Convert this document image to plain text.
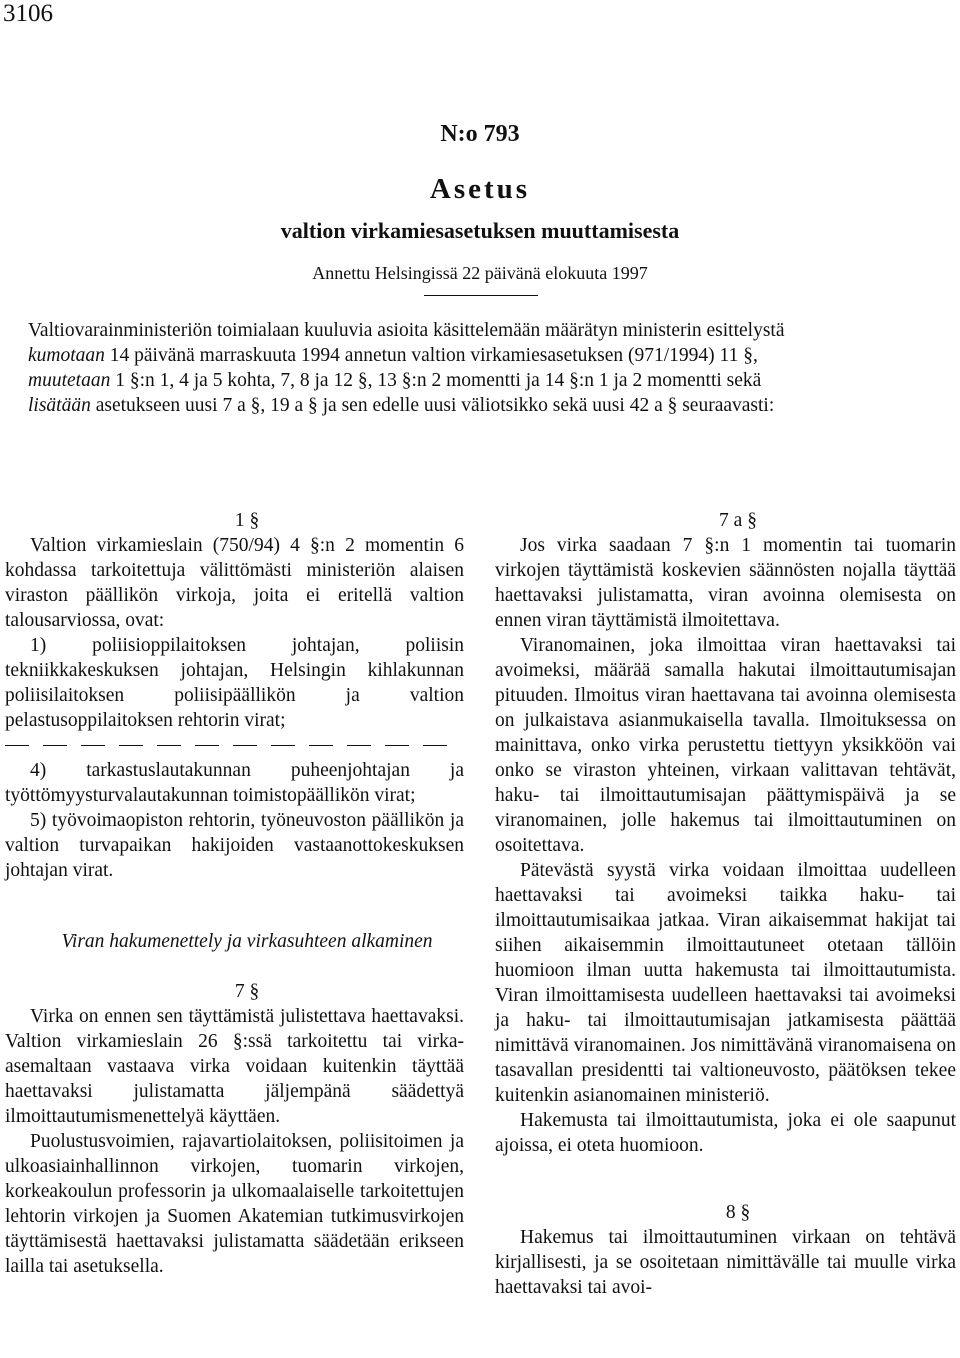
3106
N:o 793
Asetus
valtion virkamiesasetuksen muuttamisesta
Annettu Helsingissä 22 päivänä elokuuta 1997

Valtiovarainministeriön toimialaan kuuluvia asioita käsittelemään määrätyn ministerin esittelystä

kumotaan 14 päivänä marraskuuta 1994 annetun valtion virkamiesasetuksen (971/1994) 11 §,

muutetaan 1 §:n 1, 4 ja 5 kohta, 7, 8 ja 12 §, 13 §:n 2 momentti ja 14 §:n 1 ja 2 momentti sekä

lisätään asetukseen uusi 7 a §, 19 a § ja sen edelle uusi väliotsikko sekä uusi 42 a § seuraavasti:

1 §

Valtion virkamieslain (750/94) 4 §:n 2 momentin 6 kohdassa tarkoitettuja välittömästi ministeriön alaisen viraston päällikön virkoja, joita ei eritellä valtion talousarviossa, ovat:

1) poliisioppilaitoksen johtajan, poliisin tekniikkakeskuksen johtajan, Helsingin kihlakunnan poliisilaitoksen poliisipäällikön ja valtion pelastusoppilaitoksen rehtorin virat;

4) tarkastuslautakunnan puheenjohtajan ja työttömyysturvalautakunnan toimistopäällikön virat;

5) työvoimaopiston rehtorin, työneuvoston päällikön ja valtion turvapaikan hakijoiden vastaanottokeskuksen johtajan virat.

Viran hakumenettely ja virkasuhteen alkaminen

7 §

Virka on ennen sen täyttämistä julistettava haettavaksi. Valtion virkamieslain 26 §:ssä tarkoitettu tai virka-asemaltaan vastaava virka voidaan kuitenkin täyttää haettavaksi julistamatta jäljempänä säädettyä ilmoittautumismenettelyä käyttäen.

Puolustusvoimien, rajavartiolaitoksen, poliisitoimen ja ulkoasiainhallinnon virkojen, tuomarin virkojen, korkeakoulun professorin ja ulkomaalaiselle tarkoitettujen lehtorin virkojen ja Suomen Akatemian tutkimusvirkojen täyttämisestä haettavaksi julistamatta säädetään erikseen lailla tai asetuksella.

7 a §

Jos virka saadaan 7 §:n 1 momentin tai tuomarin virkojen täyttämistä koskevien säännösten nojalla täyttää haettavaksi julistamatta, viran avoinna olemisesta on ennen viran täyttämistä ilmoitettava.

Viranomainen, joka ilmoittaa viran haettavaksi tai avoimeksi, määrää samalla hakutai ilmoittautumisajan pituuden. Ilmoitus viran haettavana tai avoinna olemisesta on julkaistava asianmukaisella tavalla. Ilmoituksessa on mainittava, onko virka perustettu tiettyyn yksikköön vai onko se viraston yhteinen, virkaan valittavan tehtävät, haku- tai ilmoittautumisajan päättymispäivä ja se viranomainen, jolle hakemus tai ilmoittautuminen on osoitettava.

Pätevästä syystä virka voidaan ilmoittaa uudelleen haettavaksi tai avoimeksi taikka haku- tai ilmoittautumisaikaa jatkaa. Viran aikaisemmat hakijat tai siihen aikaisemmin ilmoittautuneet otetaan tällöin huomioon ilman uutta hakemusta tai ilmoittautumista. Viran ilmoittamisesta uudelleen haettavaksi tai avoimeksi ja haku- tai ilmoittautumisajan jatkamisesta päättää nimittävä viranomainen. Jos nimittävänä viranomaisena on tasavallan presidentti tai valtioneuvosto, päätöksen tekee kuitenkin asianomainen ministeriö.

Hakemusta tai ilmoittautumista, joka ei ole saapunut ajoissa, ei oteta huomioon.

8 §

Hakemus tai ilmoittautuminen virkaan on tehtävä kirjallisesti, ja se osoitetaan nimittävälle tai muulle virka haettavaksi tai avoi-
